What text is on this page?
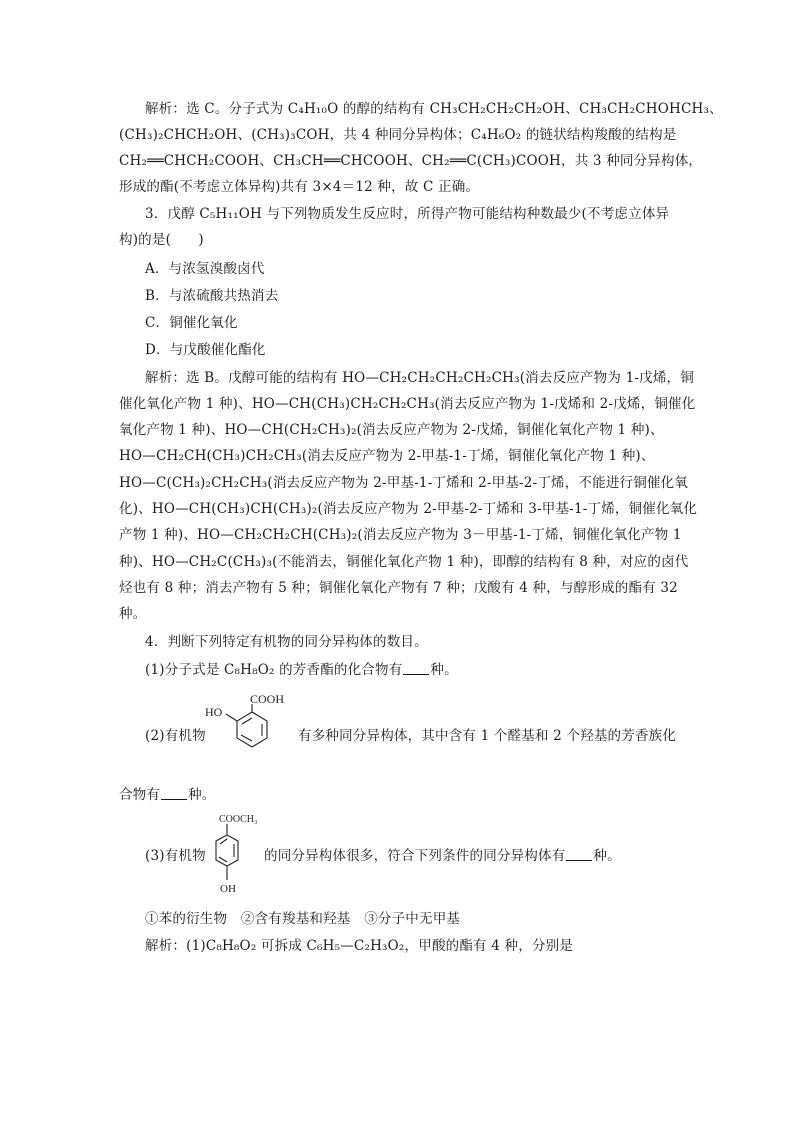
解析：选 C。分子式为 C₄H₁₀O 的醇的结构有 CH₃CH₂CH₂CH₂OH、CH₃CH₂CHOHCH₃、
(CH₃)₂CHCH₂OH、(CH₃)₃COH，共 4 种同分异构体；C₄H₆O₂ 的链状结构羧酸的结构是
CH₂══CHCH₂COOH、CH₃CH══CHCOOH、CH₂══C(CH₃)COOH，共 3 种同分异构体，
形成的酯(不考虑立体异构)共有 3×4＝12 种，故 C 正确。
3．戊醇 C₅H₁₁OH 与下列物质发生反应时，所得产物可能结构种数最少(不考虑立体异
构)的是(　　)
A．与浓氢溴酸卤代
B．与浓硫酸共热消去
C．铜催化氧化
D．与戊酸催化酯化
解析：选 B。戊醇可能的结构有 HO—CH₂CH₂CH₂CH₂CH₃(消去反应产物为 1-戊烯，铜
催化氧化产物 1 种)、HO—CH(CH₃)CH₂CH₂CH₃(消去反应产物为 1-戊烯和 2-戊烯，铜催化
氧化产物 1 种)、HO—CH(CH₂CH₃)₂(消去反应产物为 2-戊烯，铜催化氧化产物 1 种)、
HO—CH₂CH(CH₃)CH₂CH₃(消去反应产物为 2-甲基-1-丁烯，铜催化氧化产物 1 种)、
HO—C(CH₃)₂CH₂CH₃(消去反应产物为 2-甲基-1-丁烯和 2-甲基-2-丁烯，不能进行铜催化氧
化)、HO—CH(CH₃)CH(CH₃)₂(消去反应产物为 2-甲基-2-丁烯和 3-甲基-1-丁烯，铜催化氧化
产物 1 种)、HO—CH₂CH₂CH(CH₃)₂(消去反应产物为 3－甲基-1-丁烯，铜催化氧化产物 1
种)、HO—CH₂C(CH₃)₃(不能消去，铜催化氧化产物 1 种)，即醇的结构有 8 种，对应的卤代
烃也有 8 种；消去产物有 5 种；铜催化氧化产物有 7 种；戊酸有 4 种，与醇形成的酯有 32
种。
4．判断下列特定有机物的同分异构体的数目。
(1)分子式是 C₈H₈O₂ 的芳香酯的化合物有 种。
(2)有机物
COOH
HO
有多种同分异构体，其中含有 1 个醛基和 2 个羟基的芳香族化
合物有 种。
(3)有机物
COOCH₃
OH
的同分异构体很多，符合下列条件的同分异构体有 种。
①苯的衍生物　②含有羧基和羟基　③分子中无甲基
解析：(1)C₈H₈O₂ 可拆成 C₆H₅—C₂H₃O₂，甲酸的酯有 4 种，分别是
